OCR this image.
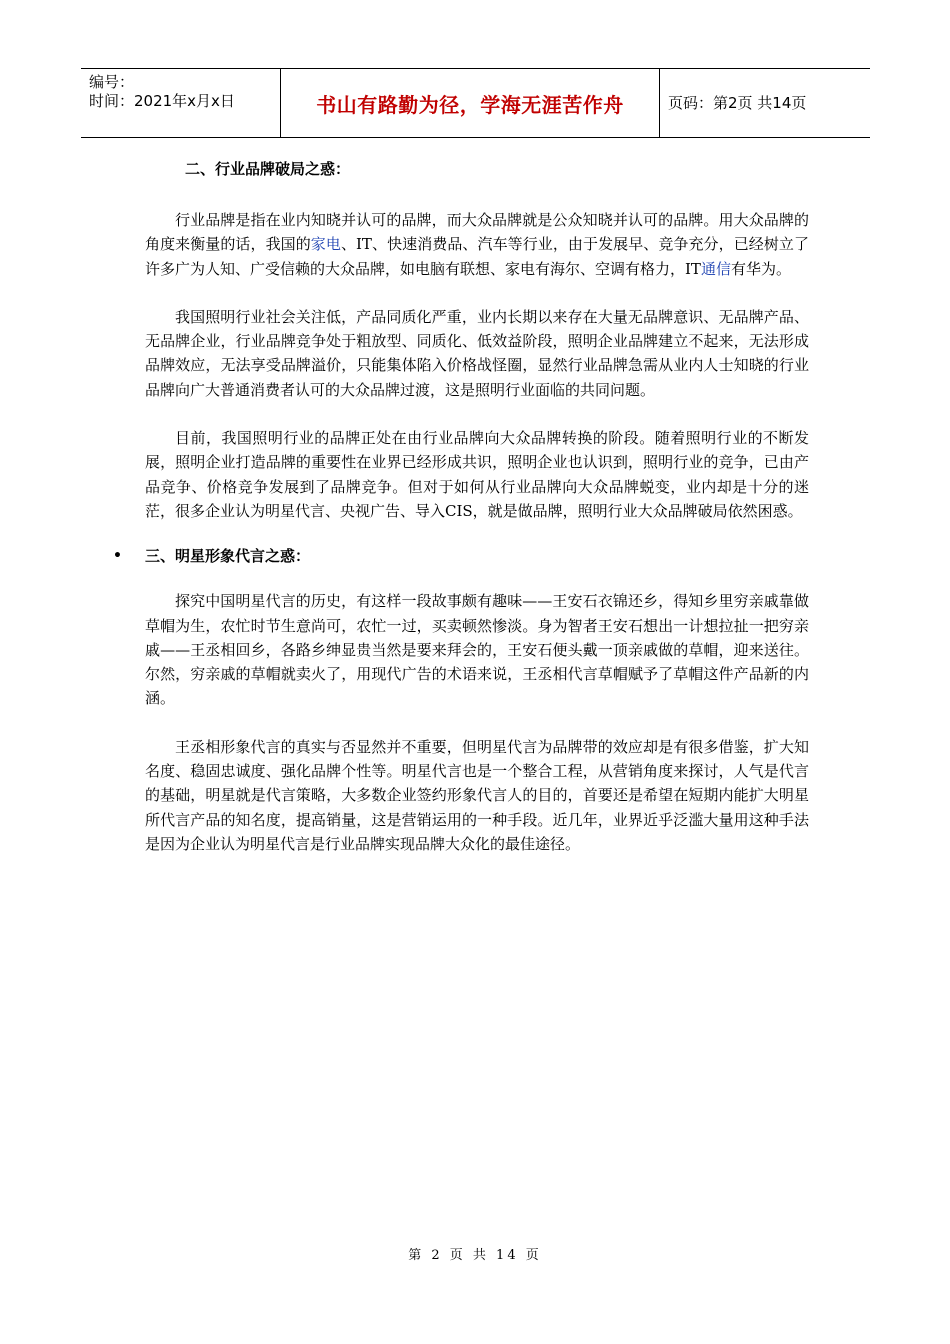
编号：
时间：2021年x月x日	书山有路勤为径，学海无涯苦作舟	页码：第2页 共14页

二、行业品牌破局之惑：

行业品牌是指在业内知晓并认可的品牌，而大众品牌就是公众知晓并认可的品牌。用大众品牌的角度来衡量的话，我国的家电、IT、快速消费品、汽车等行业，由于发展早、竞争充分，已经树立了许多广为人知、广受信赖的大众品牌，如电脑有联想、家电有海尔、空调有格力，IT通信有华为。

我国照明行业社会关注低，产品同质化严重，业内长期以来存在大量无品牌意识、无品牌产品、无品牌企业，行业品牌竞争处于粗放型、同质化、低效益阶段，照明企业品牌建立不起来，无法形成品牌效应，无法享受品牌溢价，只能集体陷入价格战怪圈，显然行业品牌急需从业内人士知晓的行业品牌向广大普通消费者认可的大众品牌过渡，这是照明行业面临的共同问题。

目前，我国照明行业的品牌正处在由行业品牌向大众品牌转换的阶段。随着照明行业的不断发展，照明企业打造品牌的重要性在业界已经形成共识，照明企业也认识到，照明行业的竞争，已由产品竞争、价格竞争发展到了品牌竞争。但对于如何从行业品牌向大众品牌蜕变，业内却是十分的迷茫，很多企业认为明星代言、央视广告、导入CIS，就是做品牌，照明行业大众品牌破局依然困惑。

• 三、明星形象代言之惑：

探究中国明星代言的历史，有这样一段故事颇有趣味——王安石衣锦还乡，得知乡里穷亲戚靠做草帽为生，农忙时节生意尚可，农忙一过，买卖顿然惨淡。身为智者王安石想出一计想拉扯一把穷亲戚——王丞相回乡，各路乡绅显贵当然是要来拜会的，王安石便头戴一顶亲戚做的草帽，迎来送往。尔然，穷亲戚的草帽就卖火了，用现代广告的术语来说，王丞相代言草帽赋予了草帽这件产品新的内涵。

王丞相形象代言的真实与否显然并不重要，但明星代言为品牌带的效应却是有很多借鉴，扩大知名度、稳固忠诚度、强化品牌个性等。明星代言也是一个整合工程，从营销角度来探讨，人气是代言的基础，明星就是代言策略，大多数企业签约形象代言人的目的，首要还是希望在短期内能扩大明星所代言产品的知名度，提高销量，这是营销运用的一种手段。近几年，业界近乎泛滥大量用这种手法是因为企业认为明星代言是行业品牌实现品牌大众化的最佳途径。

第 2 页 共 14 页
